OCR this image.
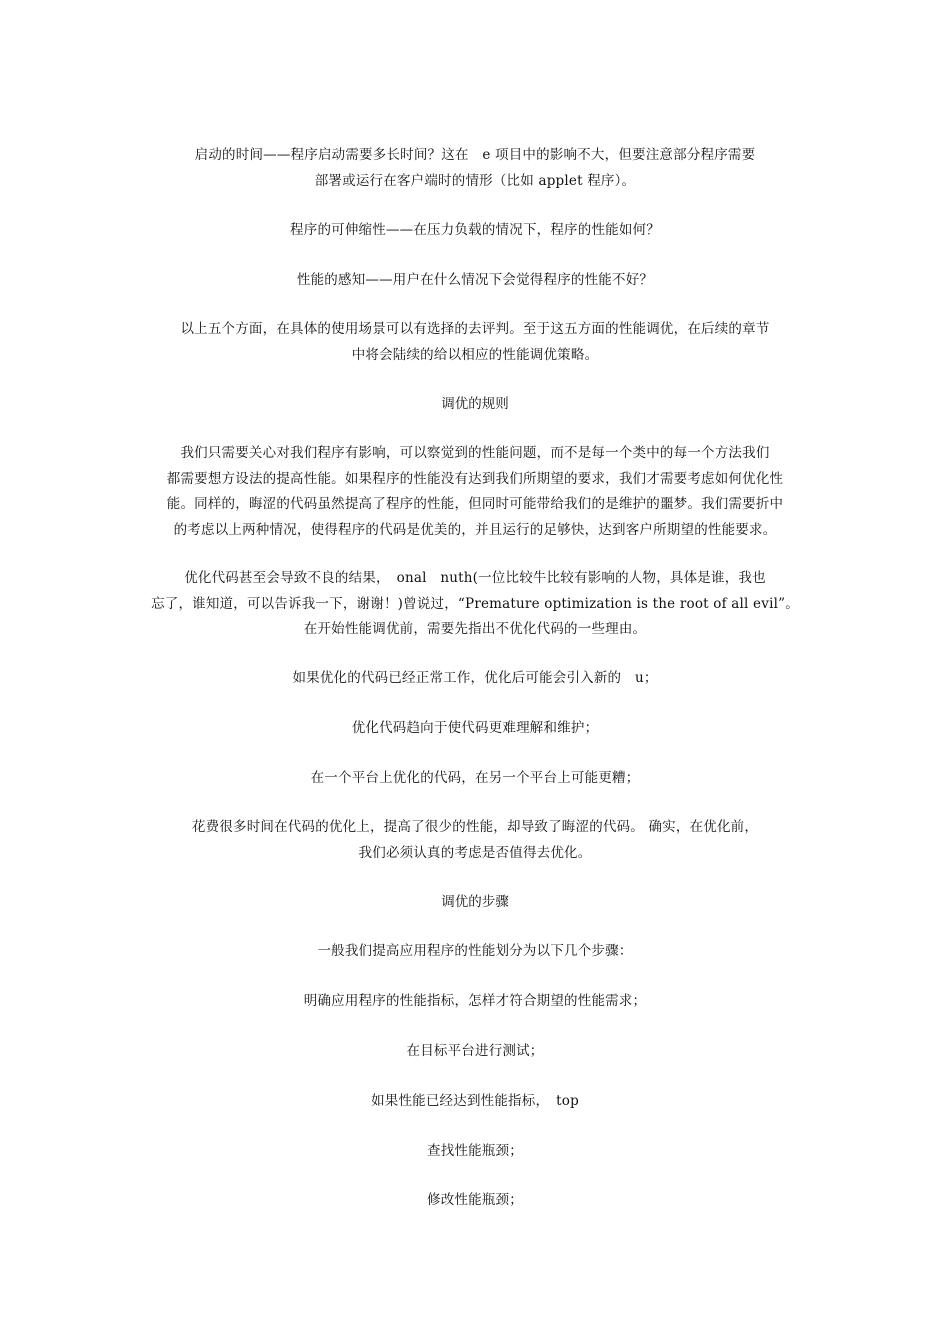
启动的时间——程序启动需要多长时间？这在　e 项目中的影响不大，但要注意部分程序需要
部署或运行在客户端时的情形（比如 applet 程序）。
程序的可伸缩性——在压力负载的情况下，程序的性能如何？
性能的感知——用户在什么情况下会觉得程序的性能不好？
以上五个方面，在具体的使用场景可以有选择的去评判。至于这五方面的性能调优，在后续的章节
中将会陆续的给以相应的性能调优策略。
调优的规则
我们只需要关心对我们程序有影响，可以察觉到的性能问题，而不是每一个类中的每一个方法我们
都需要想方设法的提高性能。如果程序的性能没有达到我们所期望的要求，我们才需要考虑如何优化性
能。同样的，晦涩的代码虽然提高了程序的性能，但同时可能带给我们的是维护的噩梦。我们需要折中
的考虑以上两种情况，使得程序的代码是优美的，并且运行的足够快，达到客户所期望的性能要求。
优化代码甚至会导致不良的结果，　onal　nuth(一位比较牛比较有影响的人物，具体是谁，我也
忘了，谁知道，可以告诉我一下，谢谢！)曾说过，“Premature optimization is the root of all evil”。
在开始性能调优前，需要先指出不优化代码的一些理由。
如果优化的代码已经正常工作，优化后可能会引入新的　u；
优化代码趋向于使代码更难理解和维护；
在一个平台上优化的代码，在另一个平台上可能更糟；
花费很多时间在代码的优化上，提高了很少的性能，却导致了晦涩的代码。 确实，在优化前，
我们必须认真的考虑是否值得去优化。
调优的步骤
一般我们提高应用程序的性能划分为以下几个步骤：
明确应用程序的性能指标，怎样才符合期望的性能需求；
在目标平台进行测试；
如果性能已经达到性能指标，　top
查找性能瓶颈；
修改性能瓶颈；
